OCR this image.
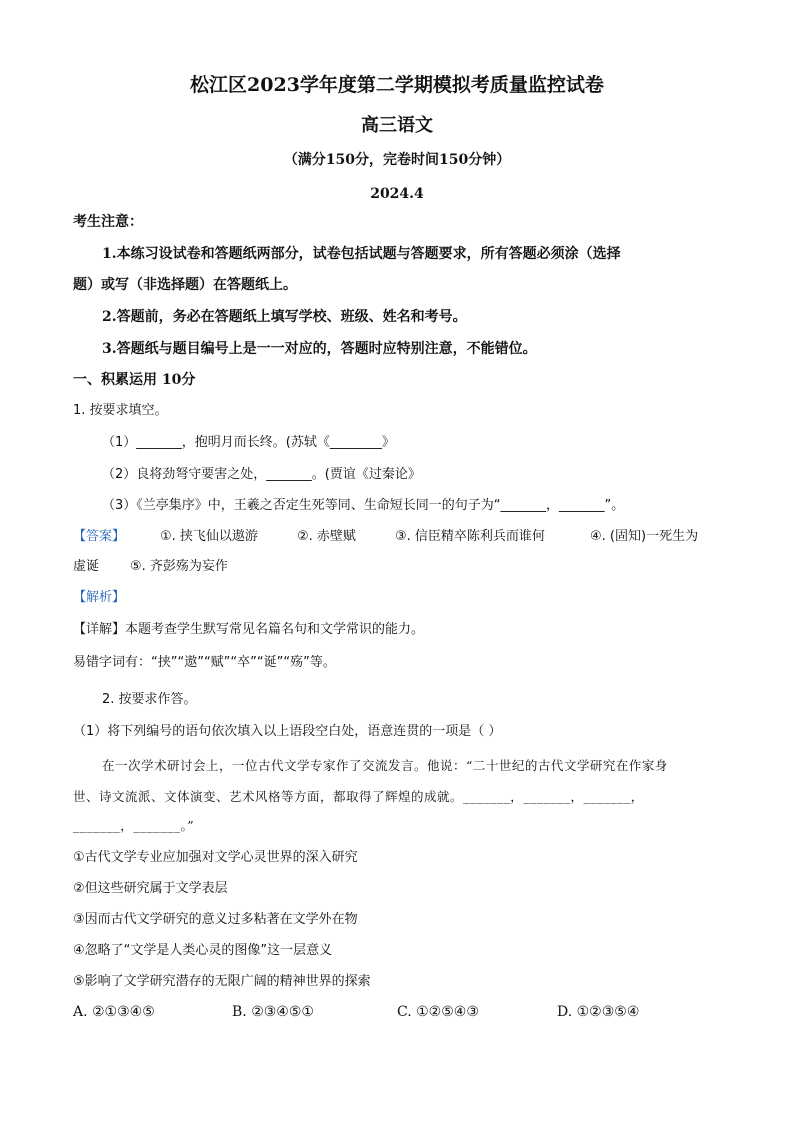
松江区2023学年度第二学期模拟考质量监控试卷
高三语文
（满分150分，完卷时间150分钟）
2024.4
考生注意：
1.本练习设试卷和答题纸两部分，试卷包括试题与答题要求，所有答题必须涂（选择
题）或写（非选择题）在答题纸上。
2.答题前，务必在答题纸上填写学校、班级、姓名和考号。
3.答题纸与题目编号上是一一对应的，答题时应特别注意，不能错位。
一、积累运用 10分
1. 按要求填空。
（1）_______，抱明月而长终。(苏轼《________》
（2）良将劲弩守要害之处，_______。(贾谊《过秦论》
（3）《兰亭集序》中，王羲之否定生死等同、生命短长同一的句子为“_______，_______”。
【答案】	①. 挟飞仙以遨游	②. 赤壁赋	③. 信臣精卒陈利兵而谁何	④. (固知)一死生为
虚诞 ⑤. 齐彭殇为妄作
【解析】
【详解】本题考查学生默写常见名篇名句和文学常识的能力。
易错字词有：“挟”“遨”“赋”“卒”“诞”“殇”等。
2. 按要求作答。
（1）将下列编号的语句依次填入以上语段空白处，语意连贯的一项是（ ）
在一次学术研讨会上，一位古代文学专家作了交流发言。他说：“二十世纪的古代文学研究在作家身
世、诗文流派、文体演变、艺术风格等方面，都取得了辉煌的成就。_______，_______，_______，
_______，_______。”
①古代文学专业应加强对文学心灵世界的深入研究
②但这些研究属于文学表层
③因而古代文学研究的意义过多粘著在文学外在物
④忽略了“文学是人类心灵的图像”这一层意义
⑤影响了文学研究潜存的无限广阔的精神世界的探索
A. ②①③④⑤	B. ②③④⑤①	C. ①②⑤④③	D. ①②③⑤④
